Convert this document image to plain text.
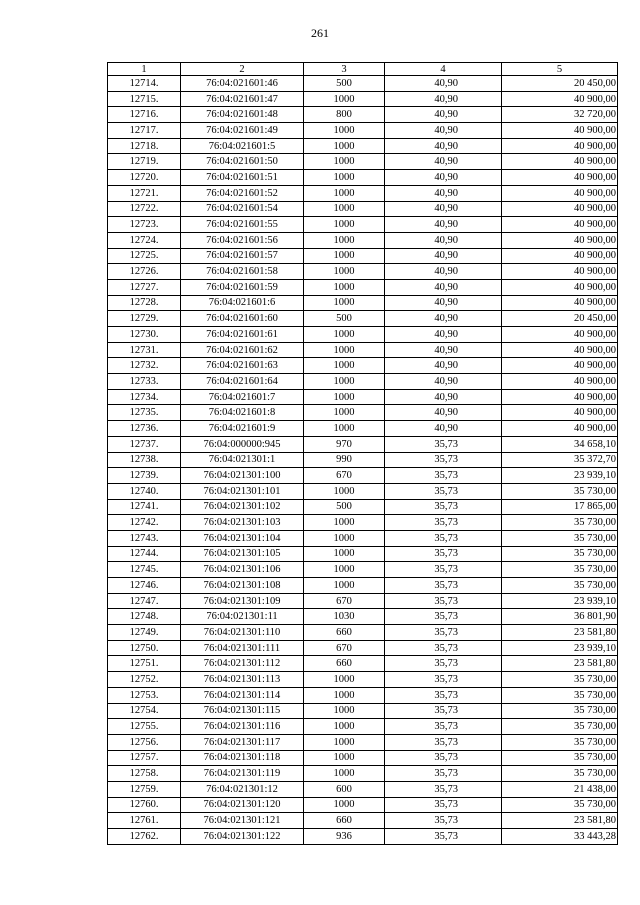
261
1	2	3	4	5
12714.	76:04:021601:46	500	40,90	20 450,00
12715.	76:04:021601:47	1000	40,90	40 900,00
12716.	76:04:021601:48	800	40,90	32 720,00
12717.	76:04:021601:49	1000	40,90	40 900,00
12718.	76:04:021601:5	1000	40,90	40 900,00
12719.	76:04:021601:50	1000	40,90	40 900,00
12720.	76:04:021601:51	1000	40,90	40 900,00
12721.	76:04:021601:52	1000	40,90	40 900,00
12722.	76:04:021601:54	1000	40,90	40 900,00
12723.	76:04:021601:55	1000	40,90	40 900,00
12724.	76:04:021601:56	1000	40,90	40 900,00
12725.	76:04:021601:57	1000	40,90	40 900,00
12726.	76:04:021601:58	1000	40,90	40 900,00
12727.	76:04:021601:59	1000	40,90	40 900,00
12728.	76:04:021601:6	1000	40,90	40 900,00
12729.	76:04:021601:60	500	40,90	20 450,00
12730.	76:04:021601:61	1000	40,90	40 900,00
12731.	76:04:021601:62	1000	40,90	40 900,00
12732.	76:04:021601:63	1000	40,90	40 900,00
12733.	76:04:021601:64	1000	40,90	40 900,00
12734.	76:04:021601:7	1000	40,90	40 900,00
12735.	76:04:021601:8	1000	40,90	40 900,00
12736.	76:04:021601:9	1000	40,90	40 900,00
12737.	76:04:000000:945	970	35,73	34 658,10
12738.	76:04:021301:1	990	35,73	35 372,70
12739.	76:04:021301:100	670	35,73	23 939,10
12740.	76:04:021301:101	1000	35,73	35 730,00
12741.	76:04:021301:102	500	35,73	17 865,00
12742.	76:04:021301:103	1000	35,73	35 730,00
12743.	76:04:021301:104	1000	35,73	35 730,00
12744.	76:04:021301:105	1000	35,73	35 730,00
12745.	76:04:021301:106	1000	35,73	35 730,00
12746.	76:04:021301:108	1000	35,73	35 730,00
12747.	76:04:021301:109	670	35,73	23 939,10
12748.	76:04:021301:11	1030	35,73	36 801,90
12749.	76:04:021301:110	660	35,73	23 581,80
12750.	76:04:021301:111	670	35,73	23 939,10
12751.	76:04:021301:112	660	35,73	23 581,80
12752.	76:04:021301:113	1000	35,73	35 730,00
12753.	76:04:021301:114	1000	35,73	35 730,00
12754.	76:04:021301:115	1000	35,73	35 730,00
12755.	76:04:021301:116	1000	35,73	35 730,00
12756.	76:04:021301:117	1000	35,73	35 730,00
12757.	76:04:021301:118	1000	35,73	35 730,00
12758.	76:04:021301:119	1000	35,73	35 730,00
12759.	76:04:021301:12	600	35,73	21 438,00
12760.	76:04:021301:120	1000	35,73	35 730,00
12761.	76:04:021301:121	660	35,73	23 581,80
12762.	76:04:021301:122	936	35,73	33 443,28
